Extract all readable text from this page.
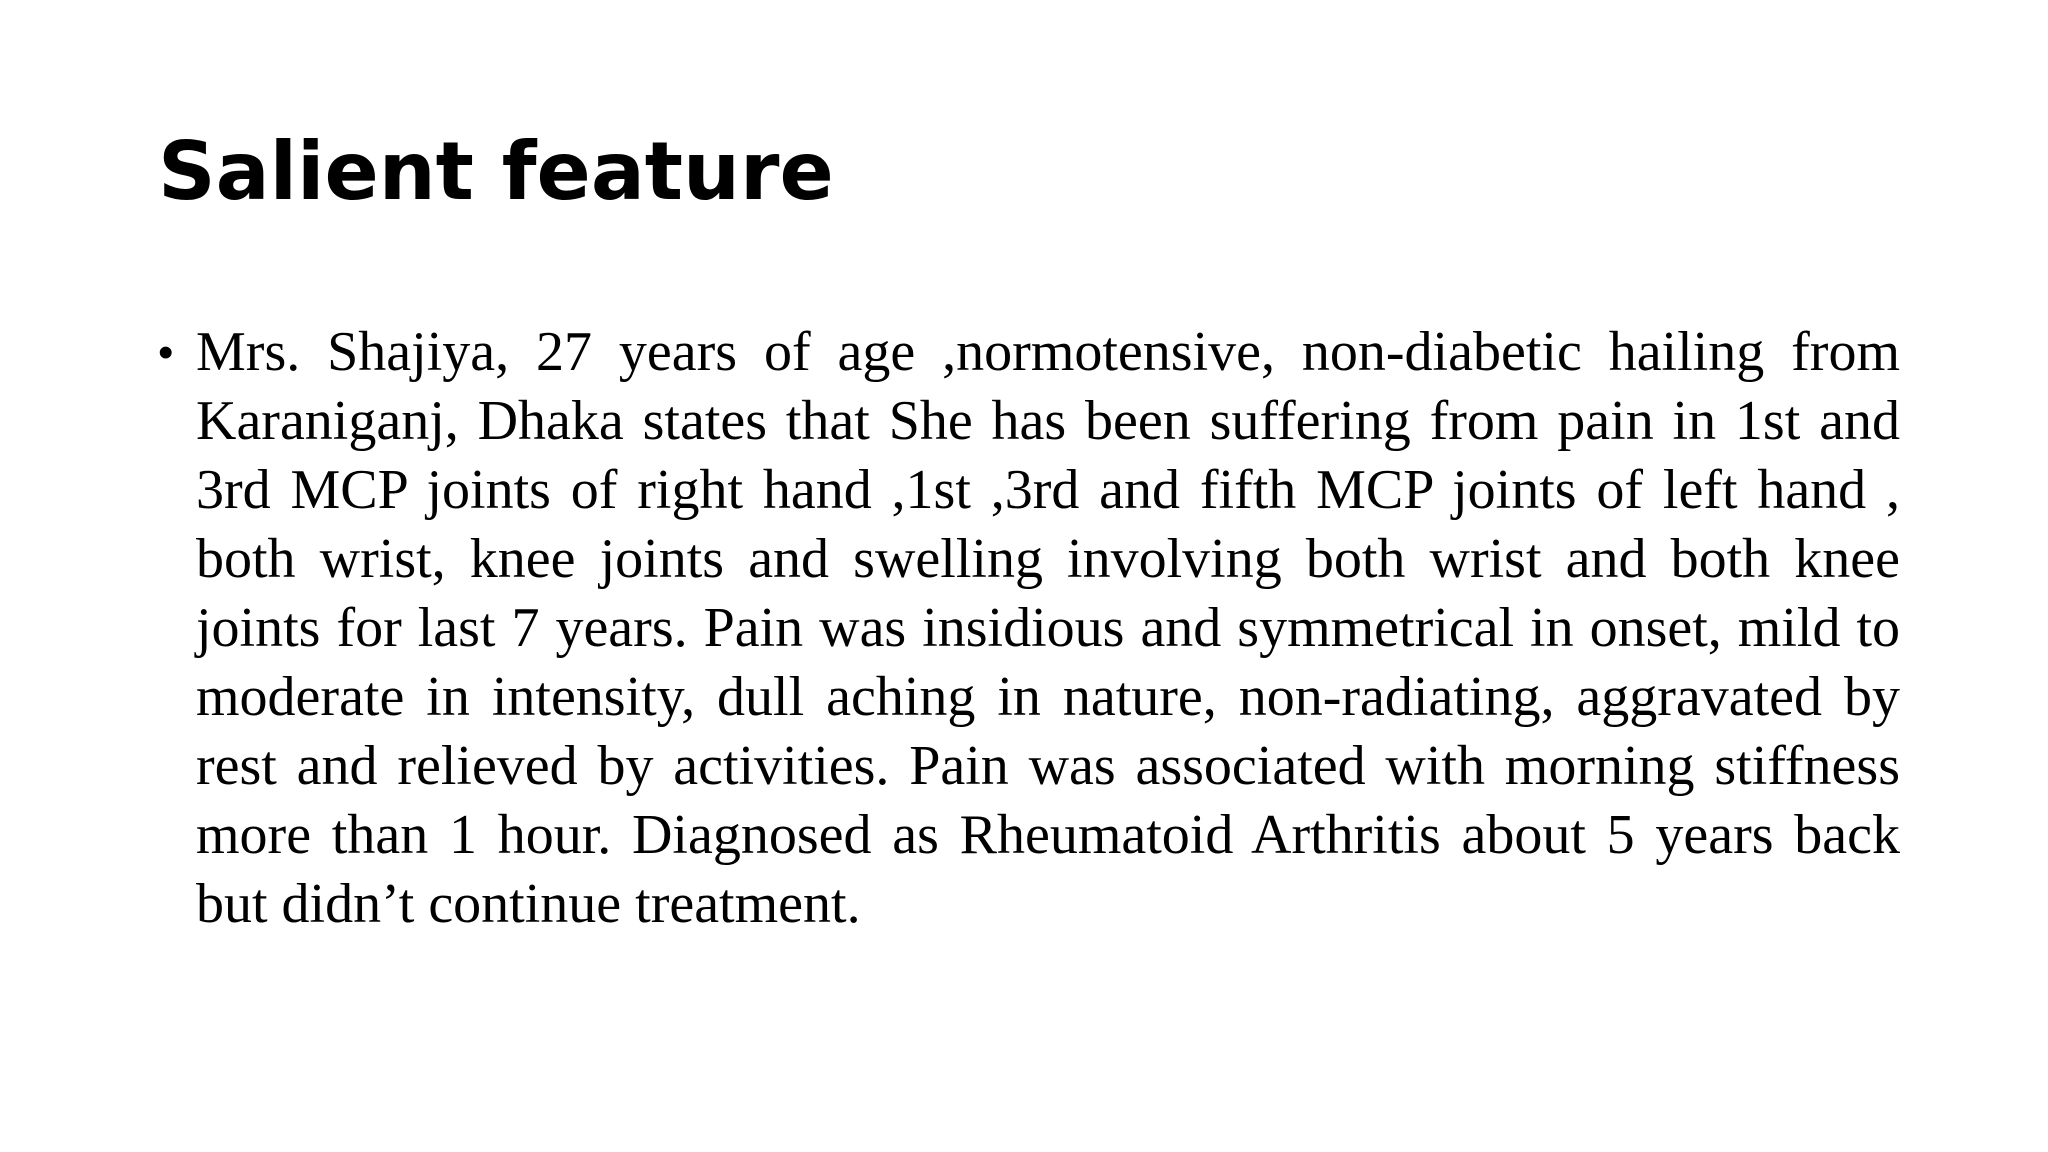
Salient feature
• Mrs. Shajiya, 27 years of age ,normotensive, non-diabetic hailing from Karaniganj, Dhaka states that She has been suffering from pain in 1st and 3rd MCP joints of right hand ,1st ,3rd and fifth MCP joints of left hand , both wrist, knee joints and swelling involving both wrist and both knee joints for last 7 years. Pain was insidious and symmetrical in onset, mild to moderate in intensity, dull aching in nature, non-radiating, aggravated by rest and relieved by activities. Pain was associated with morning stiffness more than 1 hour. Diagnosed as Rheumatoid Arthritis about 5 years back but didn’t continue treatment.
